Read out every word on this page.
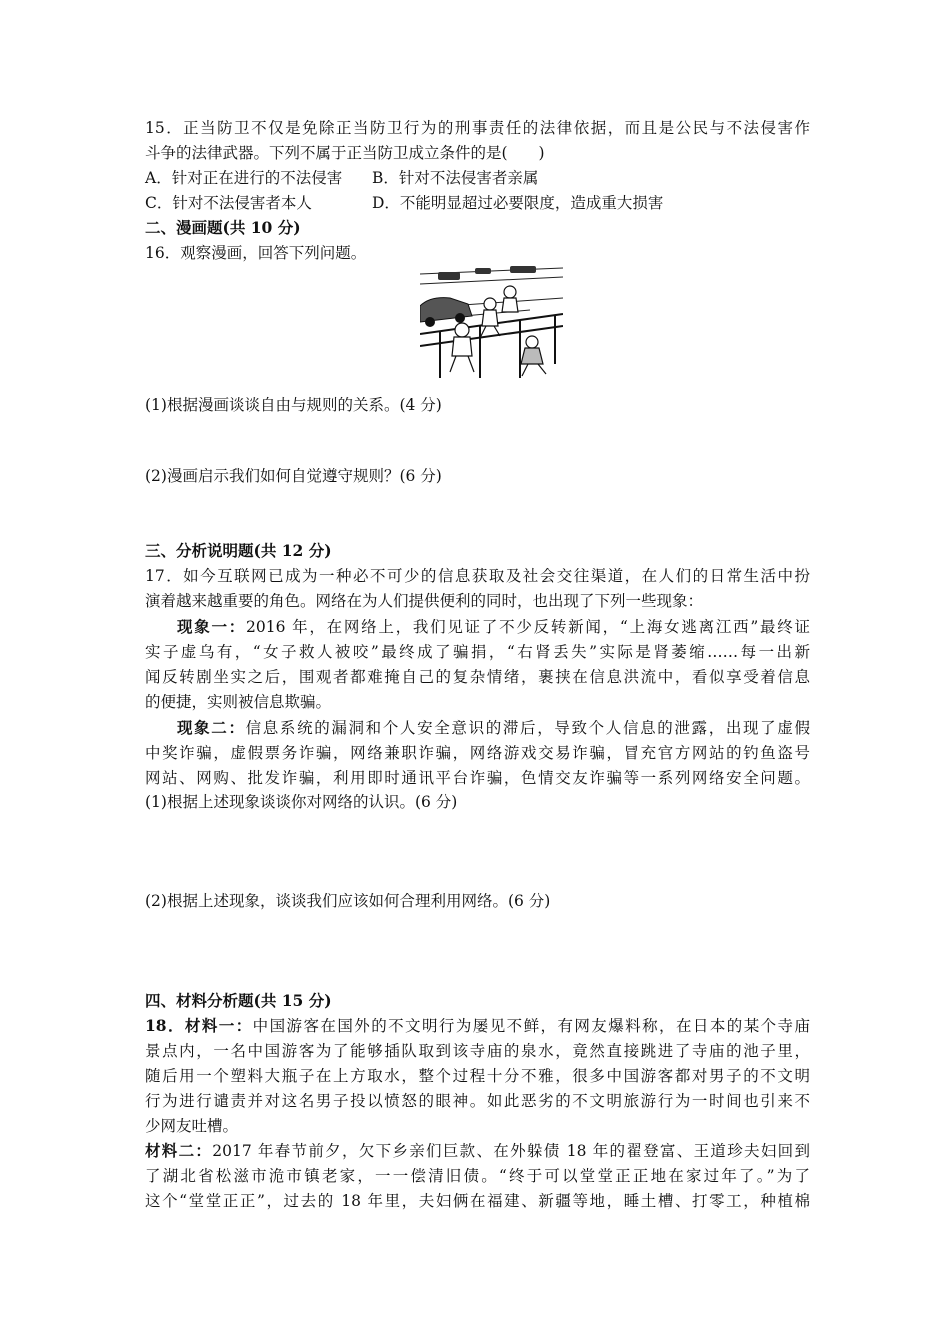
15．正当防卫不仅是免除正当防卫行为的刑事责任的法律依据，而且是公民与不法侵害作
斗争的法律武器。下列不属于正当防卫成立条件的是(　　)
A．针对正在进行的不法侵害 B．针对不法侵害者亲属
C．针对不法侵害者本人	D．不能明显超过必要限度，造成重大损害
二、漫画题(共 10 分)
16．观察漫画，回答下列问题。
(1)根据漫画谈谈自由与规则的关系。(4 分)
(2)漫画启示我们如何自觉遵守规则？(6 分)
三、分析说明题(共 12 分)
17．如今互联网已成为一种必不可少的信息获取及社会交往渠道，在人们的日常生活中扮
演着越来越重要的角色。网络在为人们提供便利的同时，也出现了下列一些现象：
现象一：2016 年，在网络上，我们见证了不少反转新闻，“上海女逃离江西”最终证
实子虚乌有，“女子救人被咬”最终成了骗捐，“右肾丢失”实际是肾萎缩……每一出新
闻反转剧坐实之后，围观者都难掩自己的复杂情绪，裹挟在信息洪流中，看似享受着信息
的便捷，实则被信息欺骗。
现象二：信息系统的漏洞和个人安全意识的滞后，导致个人信息的泄露，出现了虚假
中奖诈骗，虚假票务诈骗，网络兼职诈骗，网络游戏交易诈骗，冒充官方网站的钓鱼盗号
网站、网购、批发诈骗，利用即时通讯平台诈骗，色情交友诈骗等一系列网络安全问题。
(1)根据上述现象谈谈你对网络的认识。(6 分)
(2)根据上述现象，谈谈我们应该如何合理利用网络。(6 分)
四、材料分析题(共 15 分)
18．材料一：中国游客在国外的不文明行为屡见不鲜，有网友爆料称，在日本的某个寺庙
景点内，一名中国游客为了能够插队取到该寺庙的泉水，竟然直接跳进了寺庙的池子里，
随后用一个塑料大瓶子在上方取水，整个过程十分不雅，很多中国游客都对男子的不文明
行为进行谴责并对这名男子投以愤怒的眼神。如此恶劣的不文明旅游行为一时间也引来不
少网友吐槽。
材料二：2017 年春节前夕，欠下乡亲们巨款、在外躲债 18 年的翟登富、王道珍夫妇回到
了湖北省松滋市洈市镇老家，一一偿清旧债。“终于可以堂堂正正地在家过年了。”为了
这个“堂堂正正”，过去的 18 年里，夫妇俩在福建、新疆等地，睡土槽、打零工，种植棉
